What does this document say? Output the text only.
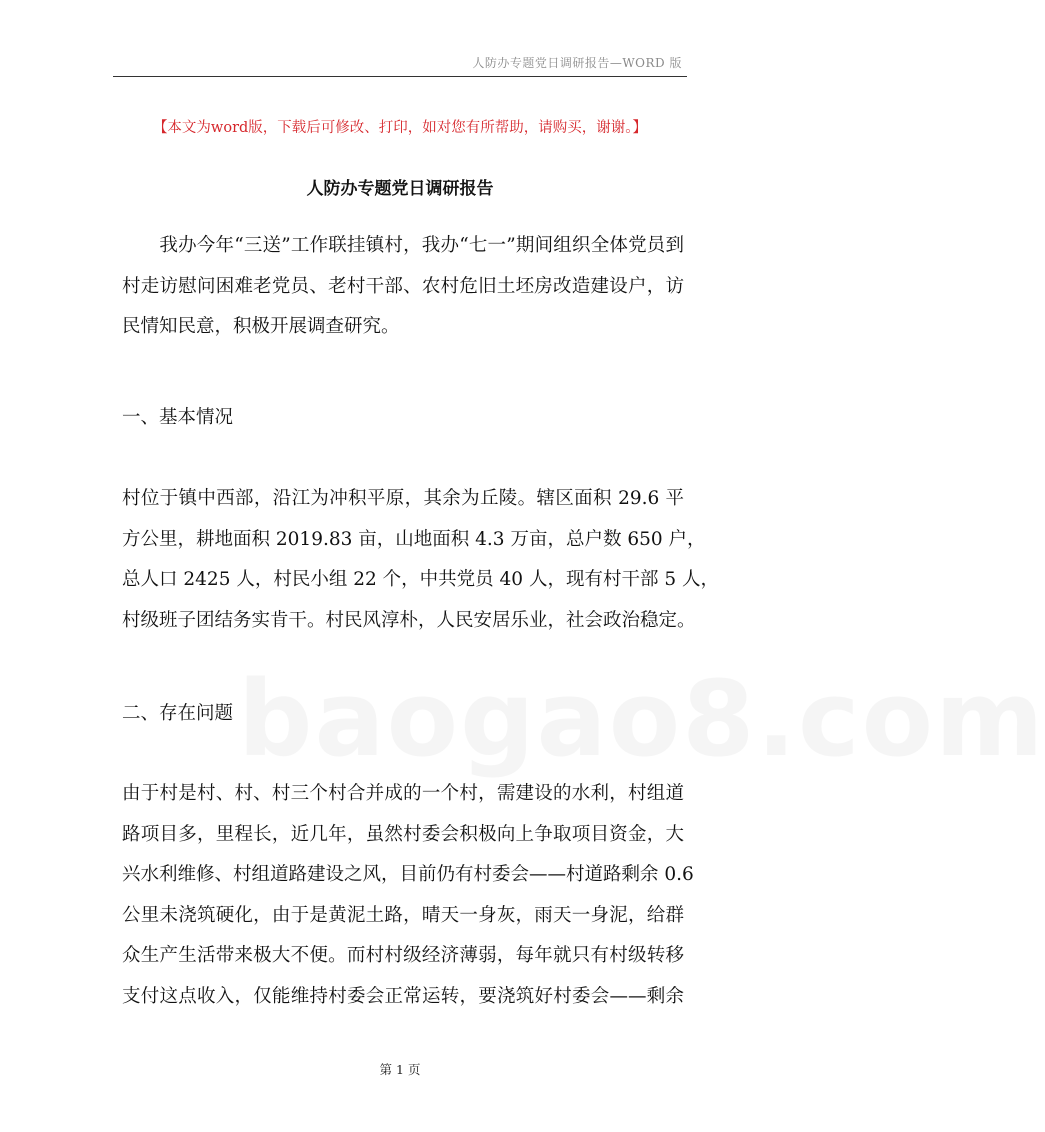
人防办专题党日调研报告—WORD 版
【本文为word版，下载后可修改、打印，如对您有所帮助，请购买，谢谢。】
人防办专题党日调研报告
　　我办今年“三送”工作联挂镇村，我办“七一”期间组织全体党员到
村走访慰问困难老党员、老村干部、农村危旧土坯房改造建设户，访
民情知民意，积极开展调查研究。
一、基本情况
村位于镇中西部，沿江为冲积平原，其余为丘陵。辖区面积 29.6 平
方公里，耕地面积 2019.83 亩，山地面积 4.3 万亩，总户数 650 户，
总人口 2425 人，村民小组 22 个，中共党员 40 人，现有村干部 5 人，
村级班子团结务实肯干。村民风淳朴，人民安居乐业，社会政治稳定。
二、存在问题
由于村是村、村、村三个村合并成的一个村，需建设的水利，村组道
路项目多，里程长，近几年，虽然村委会积极向上争取项目资金，大
兴水利维修、村组道路建设之风，目前仍有村委会——村道路剩余 0.6
公里未浇筑硬化，由于是黄泥土路，晴天一身灰，雨天一身泥，给群
众生产生活带来极大不便。而村村级经济薄弱，每年就只有村级转移
支付这点收入，仅能维持村委会正常运转，要浇筑好村委会——剩余
baogao8.com
第 1 页
